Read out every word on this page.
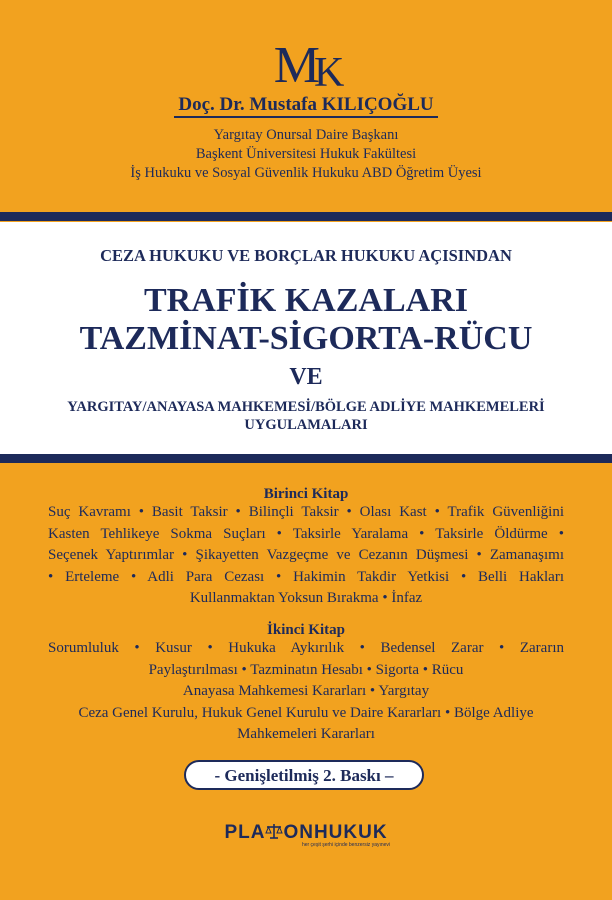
MK
Doç. Dr. Mustafa KILIÇOĞLU
Yargıtay Onursal Daire Başkanı
Başkent Üniversitesi Hukuk Fakültesi
İş Hukuku ve Sosyal Güvenlik Hukuku ABD Öğretim Üyesi
CEZA HUKUKU VE BORÇLAR HUKUKU AÇISINDAN
TRAFİK KAZALARI
TAZMİNAT-SİGORTA-RÜCU
VE
YARGITAY/ANAYASA MAHKEMESİ/BÖLGE ADLİYE MAHKEMELERİ
UYGULAMALARI
Birinci Kitap
Suç Kavramı • Basit Taksir • Bilinçli Taksir • Olası Kast • Trafik Güvenliğini
Kasten Tehlikeye Sokma Suçları • Taksirle Yaralama • Taksirle Öldürme •
Seçenek Yaptırımlar • Şikayetten Vazgeçme ve Cezanın Düşmesi • Zamanaşımı
• Erteleme • Adli Para Cezası • Hakimin Takdir Yetkisi • Belli Hakları
Kullanmaktan Yoksun Bırakma • İnfaz
İkinci Kitap
Sorumluluk • Kusur • Hukuka Aykırılık • Bedensel Zarar • Zararın
Paylaştırılması • Tazminatın Hesabı • Sigorta • Rücu
Anayasa Mahkemesi Kararları • Yargıtay
Ceza Genel Kurulu, Hukuk Genel Kurulu ve Daire Kararları • Bölge Adliye
Mahkemeleri Kararları
- Genişletilmiş 2. Baskı –
PLA ONHUKUK
her çeşit şerhi içinde benzersiz yayınevi
